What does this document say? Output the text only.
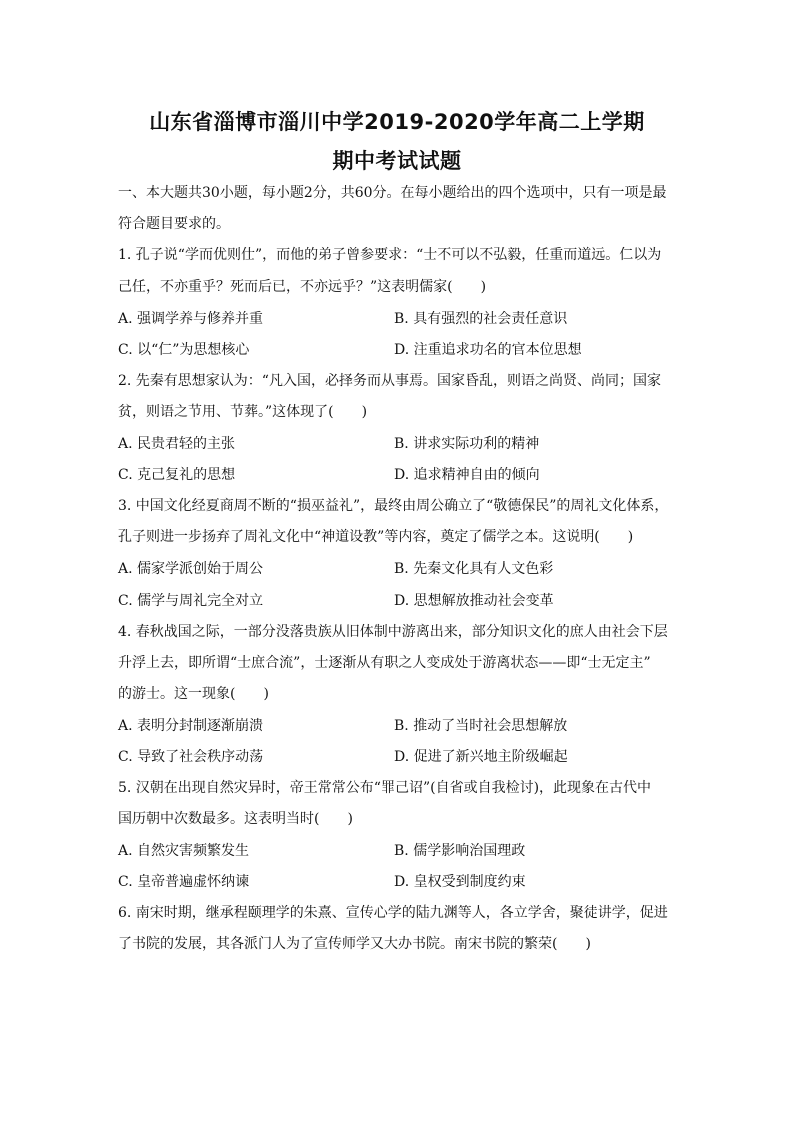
山东省淄博市淄川中学2019-2020学年高二上学期
期中考试试题

一、本大题共30小题，每小题2分，共60分。在每小题给出的四个选项中，只有一项是最

符合题目要求的。

1. 孔子说“学而优则仕”，而他的弟子曾参要求：“士不可以不弘毅，任重而道远。仁以为

己任，不亦重乎？死而后已，不亦远乎？”这表明儒家(　　)

A. 强调学养与修养并重	B. 具有强烈的社会责任意识

C. 以“仁”为思想核心	D. 注重追求功名的官本位思想

2. 先秦有思想家认为：“凡入国，必择务而从事焉。国家昏乱，则语之尚贤、尚同；国家

贫，则语之节用、节葬。”这体现了(　　)

A. 民贵君轻的主张	B. 讲求实际功利的精神

C. 克己复礼的思想	D. 追求精神自由的倾向

3. 中国文化经夏商周不断的“损巫益礼”，最终由周公确立了“敬德保民”的周礼文化体系，

孔子则进一步扬弃了周礼文化中“神道设教”等内容，奠定了儒学之本。这说明(　　)

A. 儒家学派创始于周公	B. 先秦文化具有人文色彩

C. 儒学与周礼完全对立	D. 思想解放推动社会变革

4. 春秋战国之际，一部分没落贵族从旧体制中游离出来，部分知识文化的庶人由社会下层

升浮上去，即所谓“士庶合流”，士逐渐从有职之人变成处于游离状态——即“士无定主”

的游士。这一现象(　　)

A. 表明分封制逐渐崩溃	B. 推动了当时社会思想解放

C. 导致了社会秩序动荡	D. 促进了新兴地主阶级崛起

5. 汉朝在出现自然灾异时，帝王常常公布“罪己诏”(自省或自我检讨)，此现象在古代中

国历朝中次数最多。这表明当时(　　)

A. 自然灾害频繁发生	B. 儒学影响治国理政

C. 皇帝普遍虚怀纳谏	D. 皇权受到制度约束

6. 南宋时期，继承程颐理学的朱熹、宣传心学的陆九渊等人，各立学舍，聚徒讲学，促进

了书院的发展，其各派门人为了宣传师学又大办书院。南宋书院的繁荣(　　)
